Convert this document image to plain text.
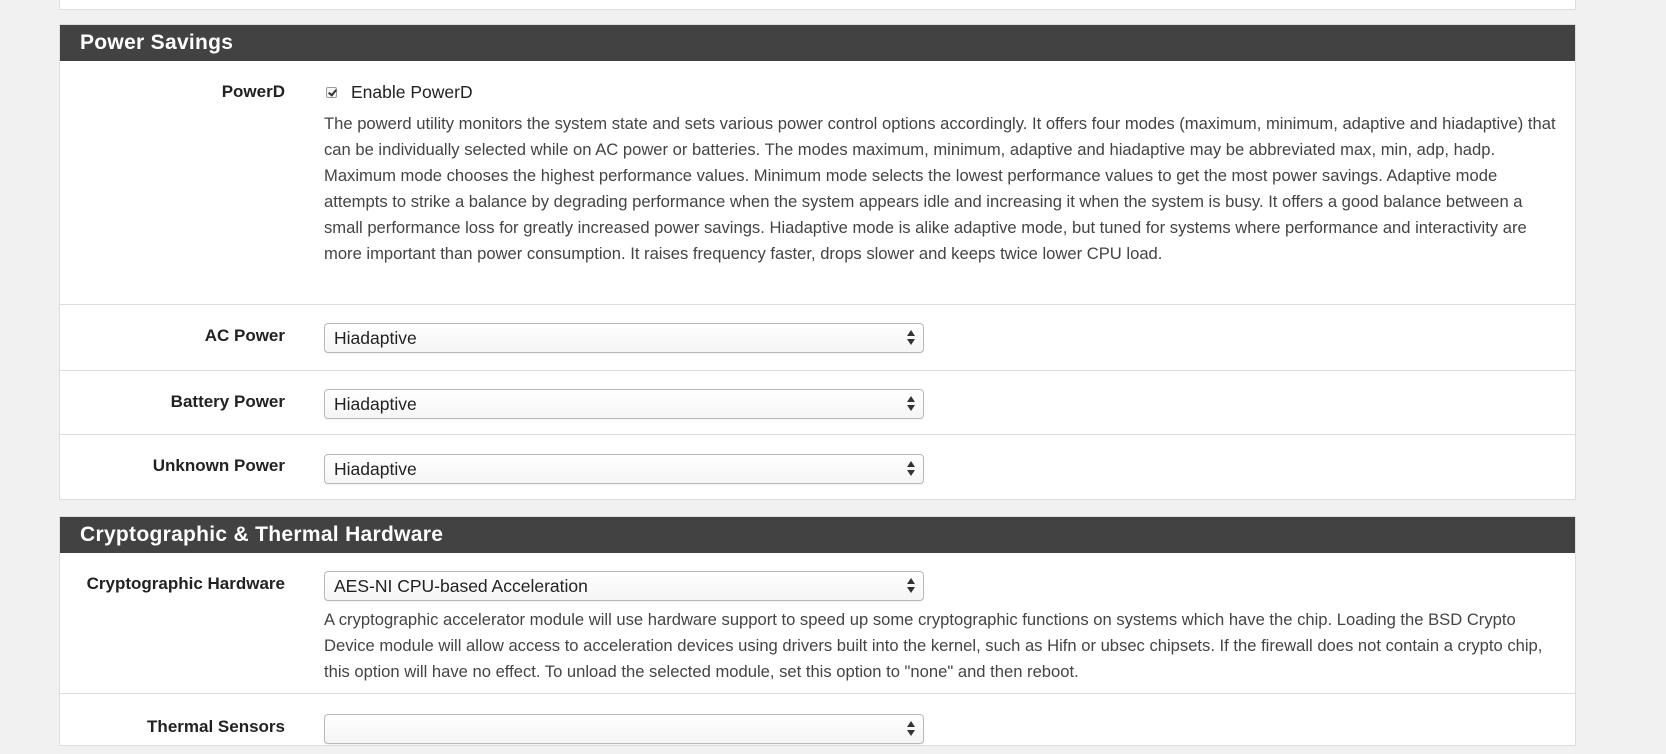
Power Savings
PowerD	Enable PowerD
The powerd utility monitors the system state and sets various power control options accordingly. It offers four modes (maximum, minimum, adaptive and hiadaptive) that can be individually selected while on AC power or batteries. The modes maximum, minimum, adaptive and hiadaptive may be abbreviated max, min, adp, hadp. Maximum mode chooses the highest performance values. Minimum mode selects the lowest performance values to get the most power savings. Adaptive mode attempts to strike a balance by degrading performance when the system appears idle and increasing it when the system is busy. It offers a good balance between a small performance loss for greatly increased power savings. Hiadaptive mode is alike adaptive mode, but tuned for systems where performance and interactivity are more important than power consumption. It raises frequency faster, drops slower and keeps twice lower CPU load.
AC Power	Hiadaptive
Battery Power	Hiadaptive
Unknown Power	Hiadaptive
Cryptographic & Thermal Hardware
Cryptographic Hardware	AES-NI CPU-based Acceleration
A cryptographic accelerator module will use hardware support to speed up some cryptographic functions on systems which have the chip. Loading the BSD Crypto Device module will allow access to acceleration devices using drivers built into the kernel, such as Hifn or ubsec chipsets. If the firewall does not contain a crypto chip, this option will have no effect. To unload the selected module, set this option to "none" and then reboot.
Thermal Sensors
